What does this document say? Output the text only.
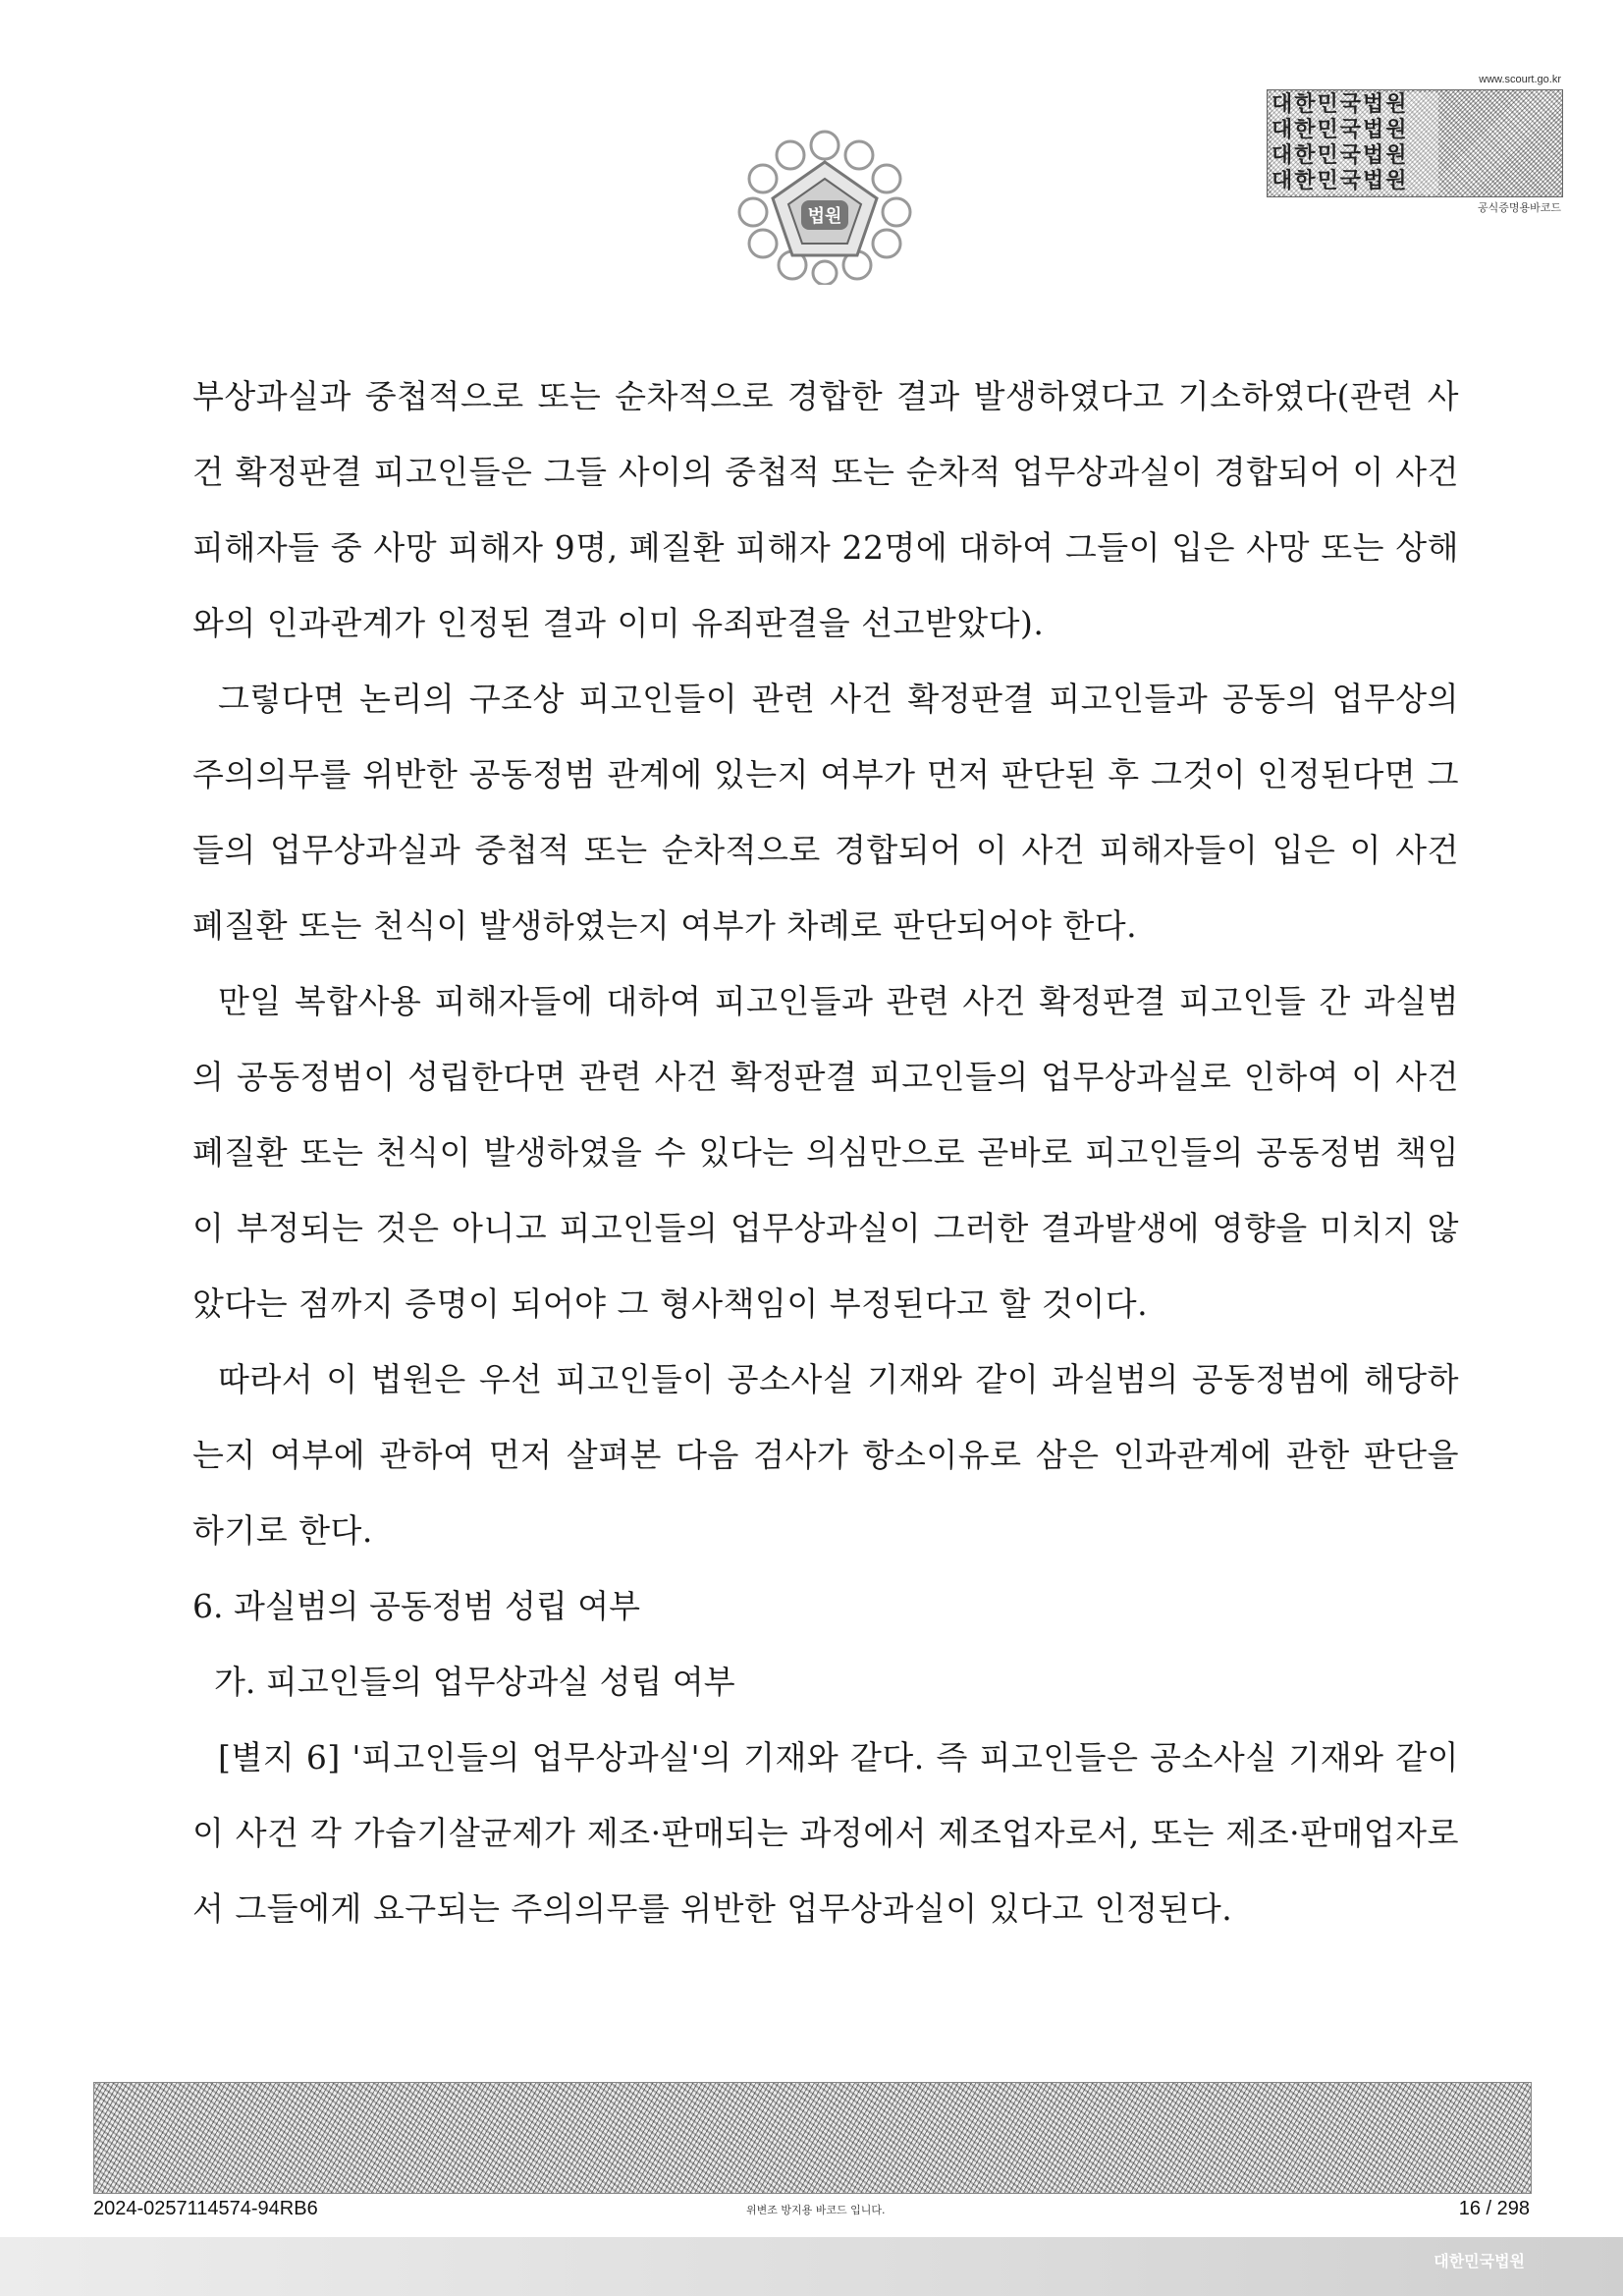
법원
www.scourt.go.kr
대한민국법원
대한민국법원
대한민국법원
대한민국법원
공식증명용바코드

부상과실과 중첩적으로 또는 순차적으로 경합한 결과 발생하였다고 기소하였다(관련 사건 확정판결 피고인들은 그들 사이의 중첩적 또는 순차적 업무상과실이 경합되어 이 사건 피해자들 중 사망 피해자 9명, 폐질환 피해자 22명에 대하여 그들이 입은 사망 또는 상해와의 인과관계가 인정된 결과 이미 유죄판결을 선고받았다).

그렇다면 논리의 구조상 피고인들이 관련 사건 확정판결 피고인들과 공동의 업무상의 주의의무를 위반한 공동정범 관계에 있는지 여부가 먼저 판단된 후 그것이 인정된다면 그들의 업무상과실과 중첩적 또는 순차적으로 경합되어 이 사건 피해자들이 입은 이 사건 폐질환 또는 천식이 발생하였는지 여부가 차례로 판단되어야 한다.

만일 복합사용 피해자들에 대하여 피고인들과 관련 사건 확정판결 피고인들 간 과실범의 공동정범이 성립한다면 관련 사건 확정판결 피고인들의 업무상과실로 인하여 이 사건 폐질환 또는 천식이 발생하였을 수 있다는 의심만으로 곧바로 피고인들의 공동정범 책임이 부정되는 것은 아니고 피고인들의 업무상과실이 그러한 결과발생에 영향을 미치지 않았다는 점까지 증명이 되어야 그 형사책임이 부정된다고 할 것이다.

따라서 이 법원은 우선 피고인들이 공소사실 기재와 같이 과실범의 공동정범에 해당하는지 여부에 관하여 먼저 살펴본 다음 검사가 항소이유로 삼은 인과관계에 관한 판단을 하기로 한다.

6. 과실범의 공동정범 성립 여부

가. 피고인들의 업무상과실 성립 여부

[별지 6] '피고인들의 업무상과실'의 기재와 같다. 즉 피고인들은 공소사실 기재와 같이 이 사건 각 가습기살균제가 제조·판매되는 과정에서 제조업자로서, 또는 제조·판매업자로서 그들에게 요구되는 주의의무를 위반한 업무상과실이 있다고 인정된다.

2024-0257114574-94RB6	위변조 방지용 바코드 입니다.	16 / 298
대한민국법원
